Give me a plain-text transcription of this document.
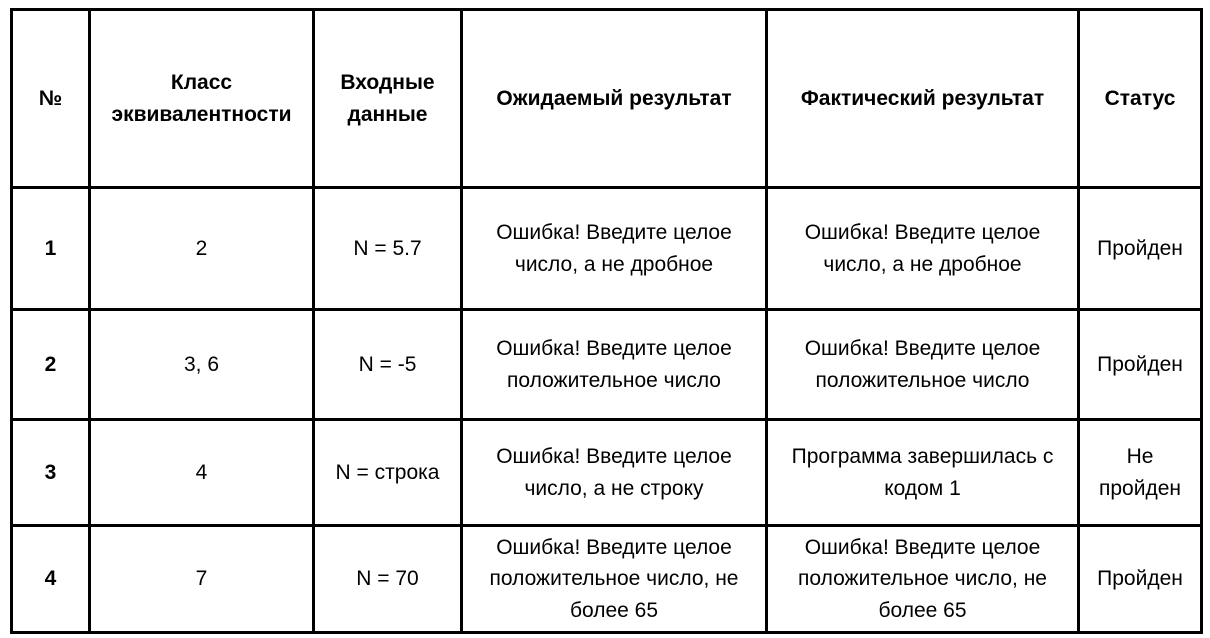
№	Класс эквивалентности	Входные данные	Ожидаемый результат	Фактический результат	Статус
1	2	N = 5.7	Ошибка! Введите целое число, а не дробное	Ошибка! Введите целое число, а не дробное	Пройден
2	3, 6	N = -5	Ошибка! Введите целое положительное число	Ошибка! Введите целое положительное число	Пройден
3	4	N = строка	Ошибка! Введите целое число, а не строку	Программа завершилась с кодом 1	Не пройден
4	7	N = 70	Ошибка! Введите целое положительное число, не более 65	Ошибка! Введите целое положительное число, не более 65	Пройден
